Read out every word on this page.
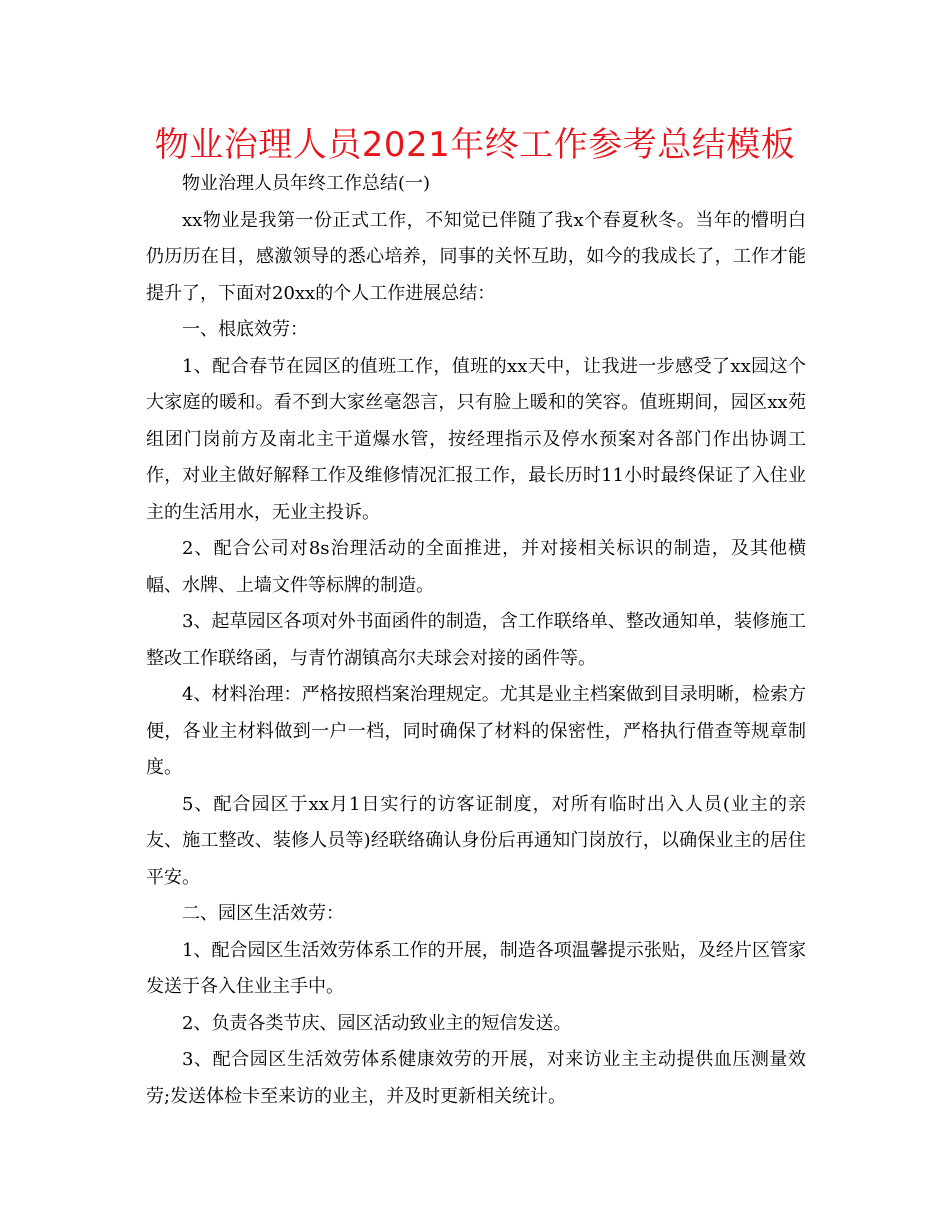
物业治理人员2021年终工作参考总结模板

物业治理人员年终工作总结(一)

xx物业是我第一份正式工作，不知觉已伴随了我x个春夏秋冬。当年的懵明白仍历历在目，感激领导的悉心培养，同事的关怀互助，如今的我成长了，工作才能提升了，下面对20xx的个人工作进展总结：

一、根底效劳：

1、配合春节在园区的值班工作，值班的xx天中，让我进一步感受了xx园这个大家庭的暖和。看不到大家丝毫怨言，只有脸上暖和的笑容。值班期间，园区xx苑组团门岗前方及南北主干道爆水管，按经理指示及停水预案对各部门作出协调工作，对业主做好解释工作及维修情况汇报工作，最长历时11小时最终保证了入住业主的生活用水，无业主投诉。

2、配合公司对8s治理活动的全面推进，并对接相关标识的制造，及其他横幅、水牌、上墙文件等标牌的制造。

3、起草园区各项对外书面函件的制造，含工作联络单、整改通知单，装修施工整改工作联络函，与青竹湖镇高尔夫球会对接的函件等。

4、材料治理：严格按照档案治理规定。尤其是业主档案做到目录明晰，检索方便，各业主材料做到一户一档，同时确保了材料的保密性，严格执行借查等规章制度。

5、配合园区于xx月1日实行的访客证制度，对所有临时出入人员(业主的亲友、施工整改、装修人员等)经联络确认身份后再通知门岗放行，以确保业主的居住平安。

二、园区生活效劳：

1、配合园区生活效劳体系工作的开展，制造各项温馨提示张贴，及经片区管家发送于各入住业主手中。

2、负责各类节庆、园区活动致业主的短信发送。

3、配合园区生活效劳体系健康效劳的开展，对来访业主主动提供血压测量效劳;发送体检卡至来访的业主，并及时更新相关统计。
